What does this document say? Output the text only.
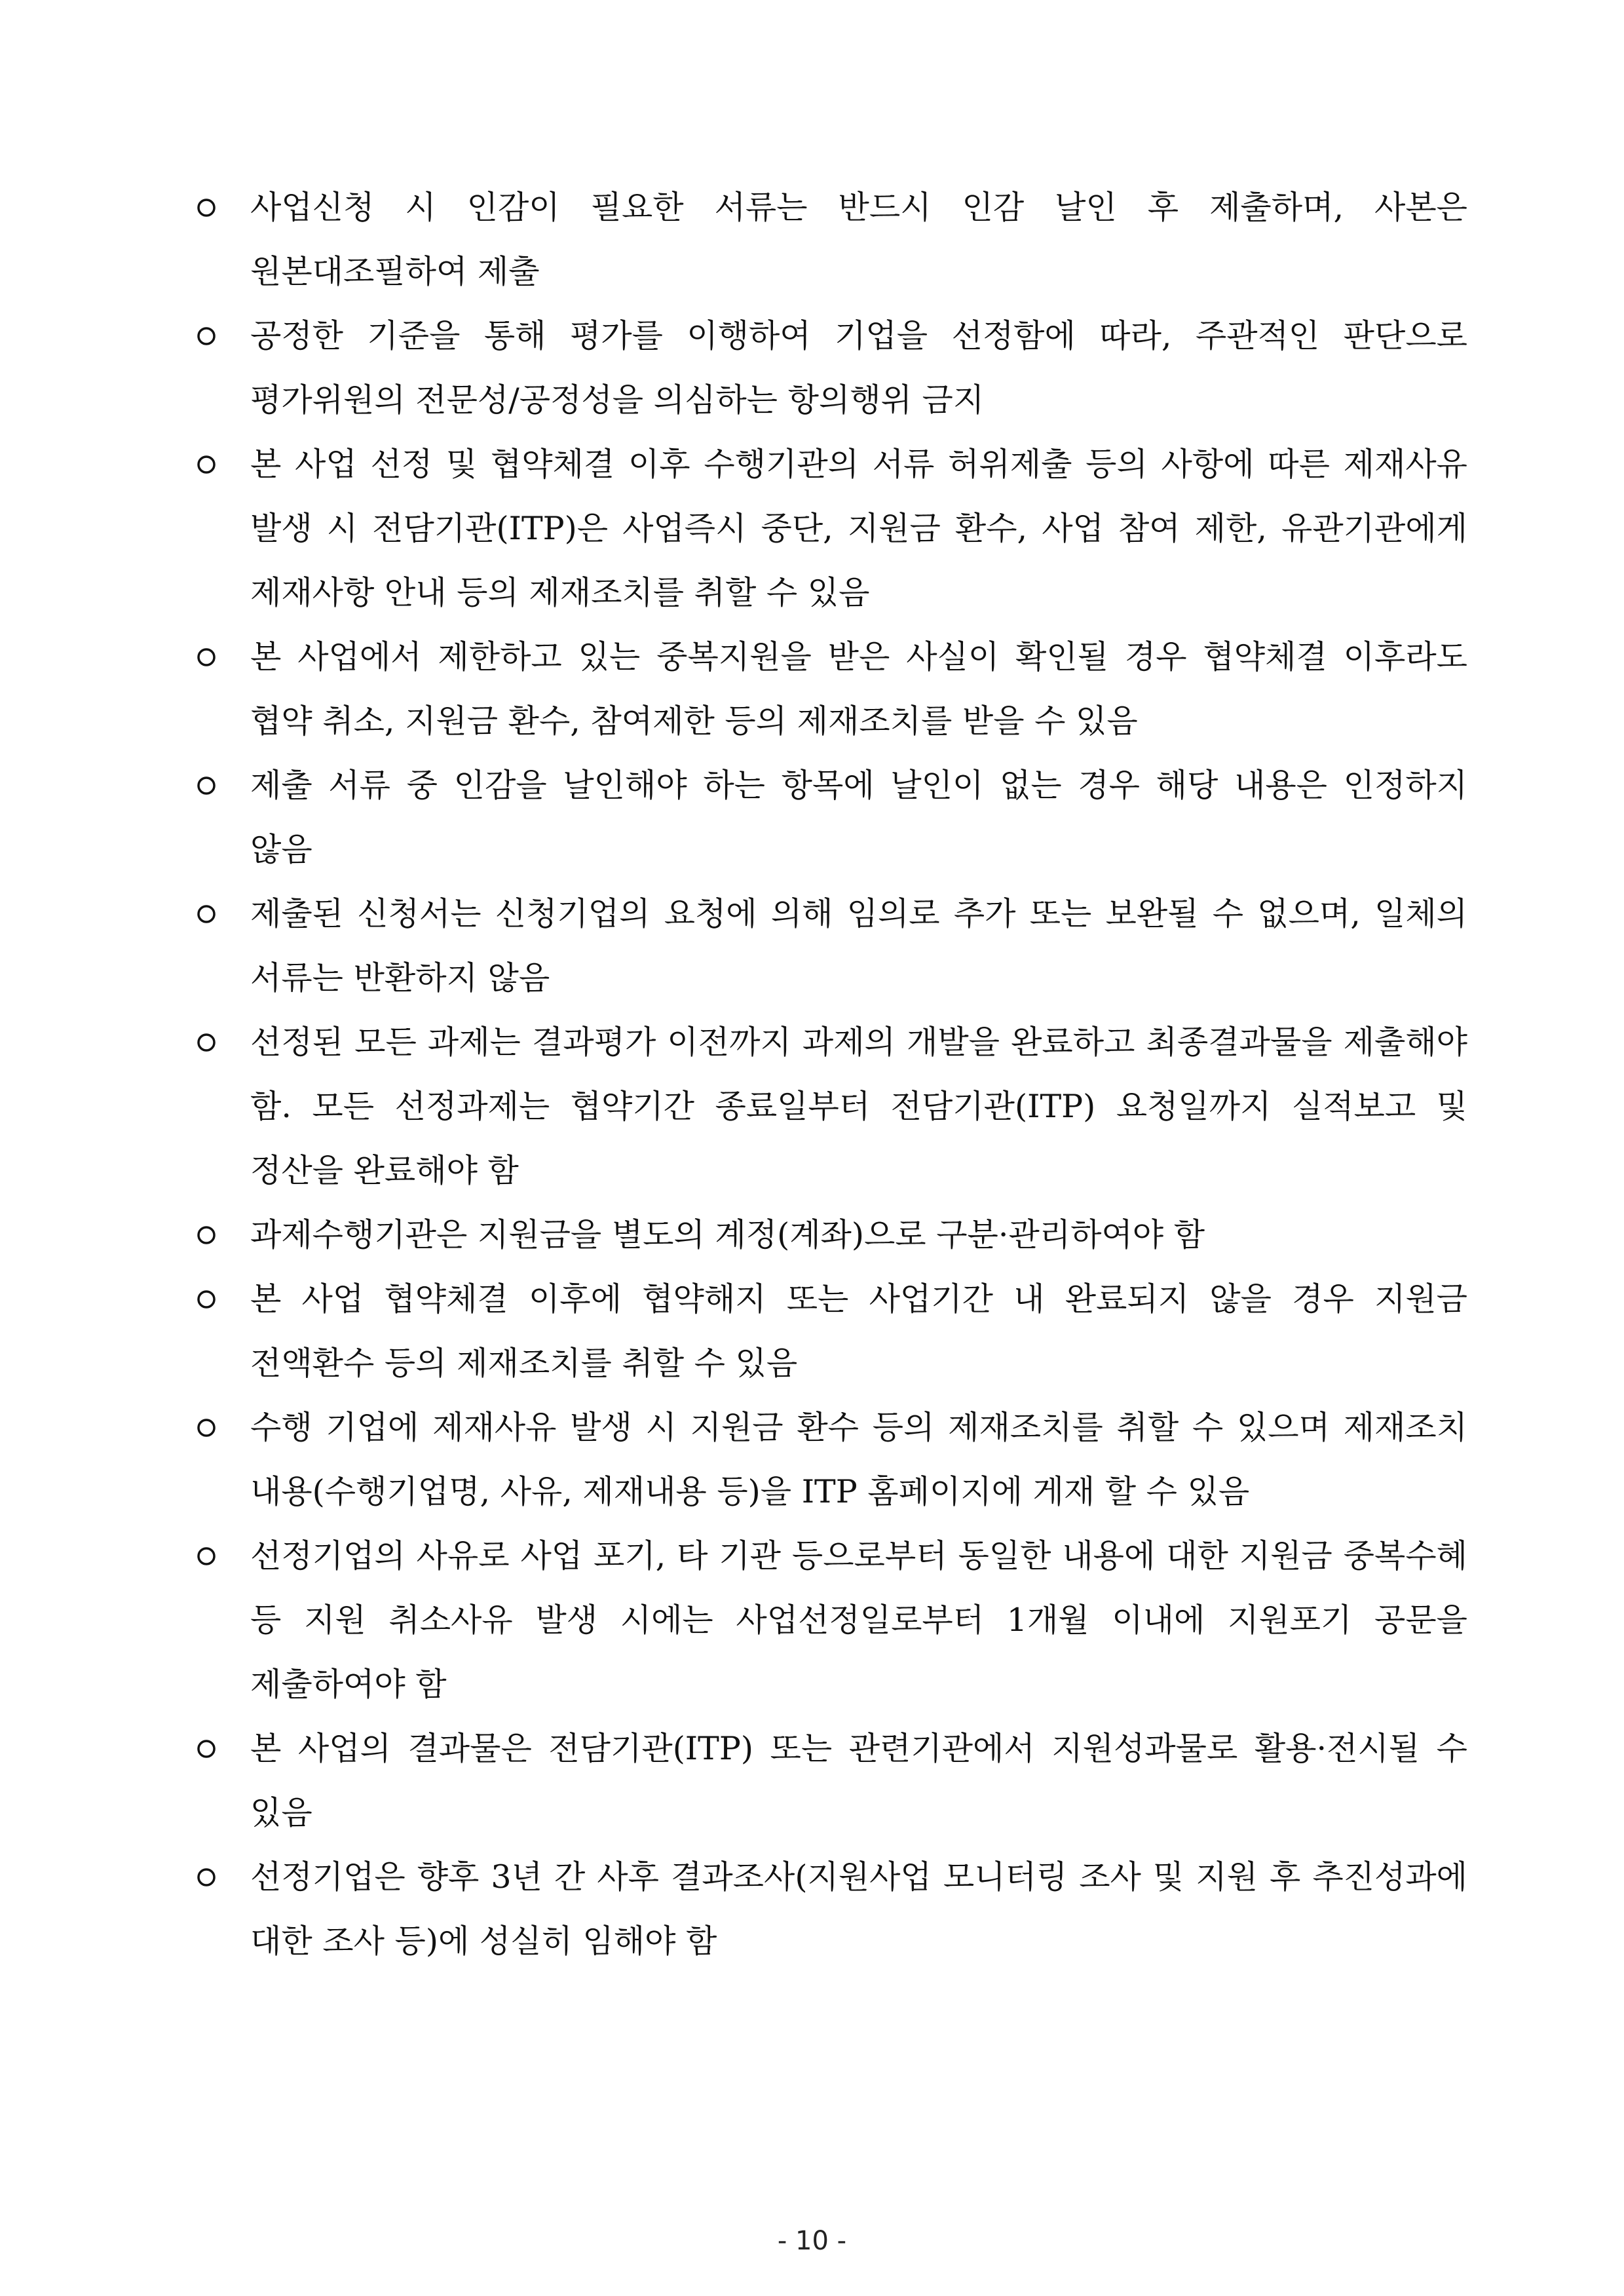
사업신청 시 인감이 필요한 서류는 반드시 인감 날인 후 제출하며, 사본은 원본대조필하여 제출
공정한 기준을 통해 평가를 이행하여 기업을 선정함에 따라, 주관적인 판단으로 평가위원의 전문성/공정성을 의심하는 항의행위 금지
본 사업 선정 및 협약체결 이후 수행기관의 서류 허위제출 등의 사항에 따른 제재사유 발생 시 전담기관(ITP)은 사업즉시 중단, 지원금 환수, 사업 참여 제한, 유관기관에게 제재사항 안내 등의 제재조치를 취할 수 있음
본 사업에서 제한하고 있는 중복지원을 받은 사실이 확인될 경우 협약체결 이후라도 협약 취소, 지원금 환수, 참여제한 등의 제재조치를 받을 수 있음
제출 서류 중 인감을 날인해야 하는 항목에 날인이 없는 경우 해당 내용은 인정하지 않음
제출된 신청서는 신청기업의 요청에 의해 임의로 추가 또는 보완될 수 없으며, 일체의 서류는 반환하지 않음
선정된 모든 과제는 결과평가 이전까지 과제의 개발을 완료하고 최종결과물을 제출해야 함. 모든 선정과제는 협약기간 종료일부터 전담기관(ITP) 요청일까지 실적보고 및 정산을 완료해야 함
과제수행기관은 지원금을 별도의 계정(계좌)으로 구분·관리하여야 함
본 사업 협약체결 이후에 협약해지 또는 사업기간 내 완료되지 않을 경우 지원금 전액환수 등의 제재조치를 취할 수 있음
수행 기업에 제재사유 발생 시 지원금 환수 등의 제재조치를 취할 수 있으며 제재조치 내용(수행기업명, 사유, 제재내용 등)을 ITP 홈페이지에 게재 할 수 있음
선정기업의 사유로 사업 포기, 타 기관 등으로부터 동일한 내용에 대한 지원금 중복수혜 등 지원 취소사유 발생 시에는 사업선정일로부터 1개월 이내에 지원포기 공문을 제출하여야 함
본 사업의 결과물은 전담기관(ITP) 또는 관련기관에서 지원성과물로 활용·전시될 수 있음
선정기업은 향후 3년 간 사후 결과조사(지원사업 모니터링 조사 및 지원 후 추진성과에 대한 조사 등)에 성실히 임해야 함
- 10 -
